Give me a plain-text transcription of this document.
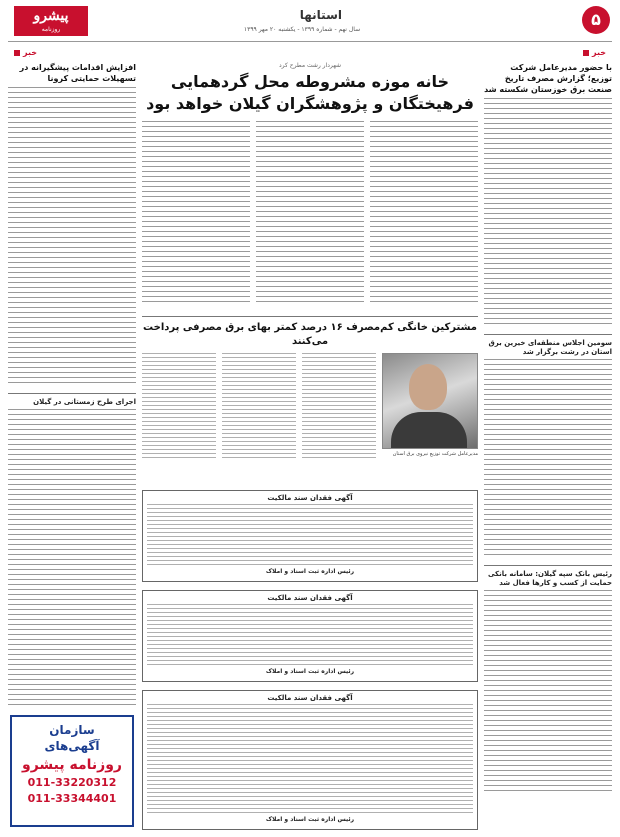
۵
استانها
سال نهم - شماره ۱۳۹۹ - یکشنبه ۲۰ مهر ۱۳۹۹
پیشرو
روزنامه
خبر
خبر
با حضور مدیرعامل شرکت توزیع؛ گزارش مصرف تاریخ صنعت برق خوزستان شکسته شد
سومین اجلاس منطقه‌ای خیرین برق استان در رشت برگزار شد
رئیس بانک سپه گیلان: سامانه بانکی حمایت از کسب و کارها فعال شد
شهردار رشت مطرح کرد
خانه موزه مشروطه محل گردهمایی فرهیختگان و پژوهشگران گیلان خواهد بود
مشترکین خانگی کم‌مصرف ۱۶ درصد کمتر بهای برق مصرفی پرداخت می‌کنند
مدیرعامل شرکت توزیع نیروی برق استان
آگهی فقدان سند مالکیت
رئیس اداره ثبت اسناد و املاک
آگهی فقدان سند مالکیت
رئیس اداره ثبت اسناد و املاک
آگهی فقدان سند مالکیت
رئیس اداره ثبت اسناد و املاک
افزایش اقدامات پیشگیرانه در تسهیلات حمایتی کرونا
اجرای طرح زمستانی در گیلان
سازمان
آگهی‌های
روزنامه پیشرو
011-33220312
011-33344401
